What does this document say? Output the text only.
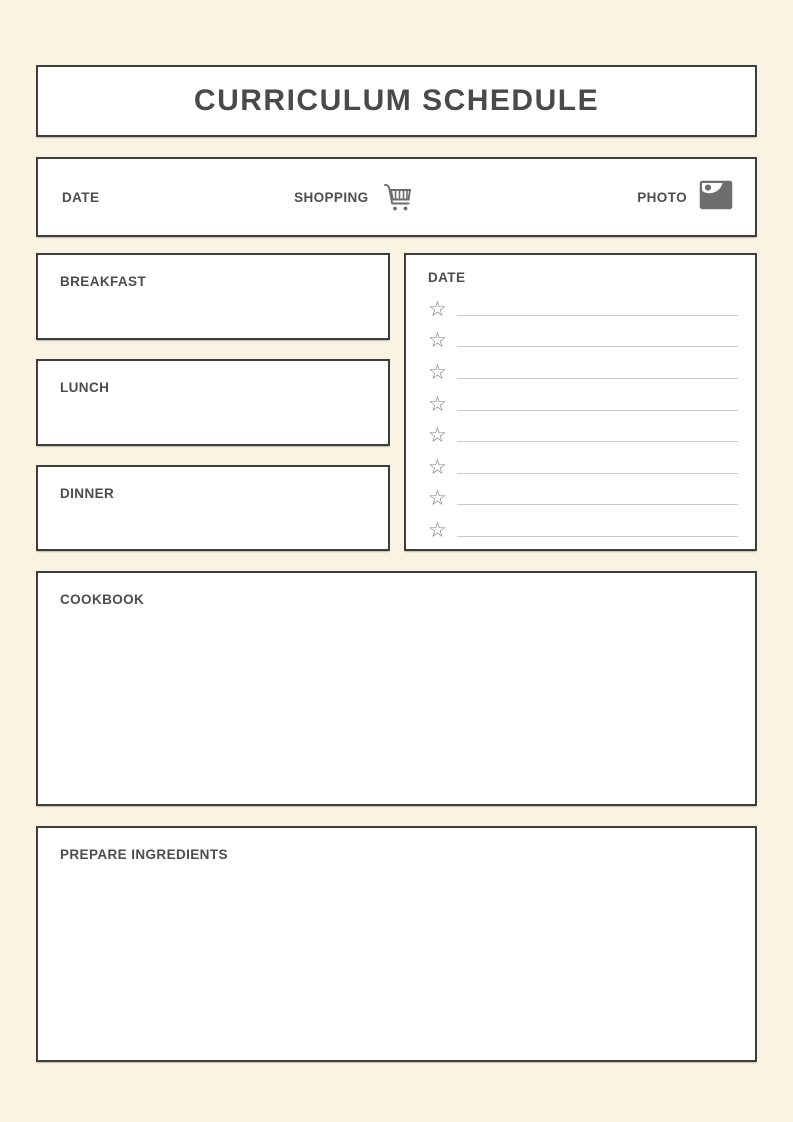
CURRICULUM SCHEDULE
DATE	SHOPPING	PHOTO
BREAKFAST
LUNCH
DINNER
DATE
☆
☆
☆
☆
☆
☆
☆
☆
COOKBOOK
PREPARE INGREDIENTS
